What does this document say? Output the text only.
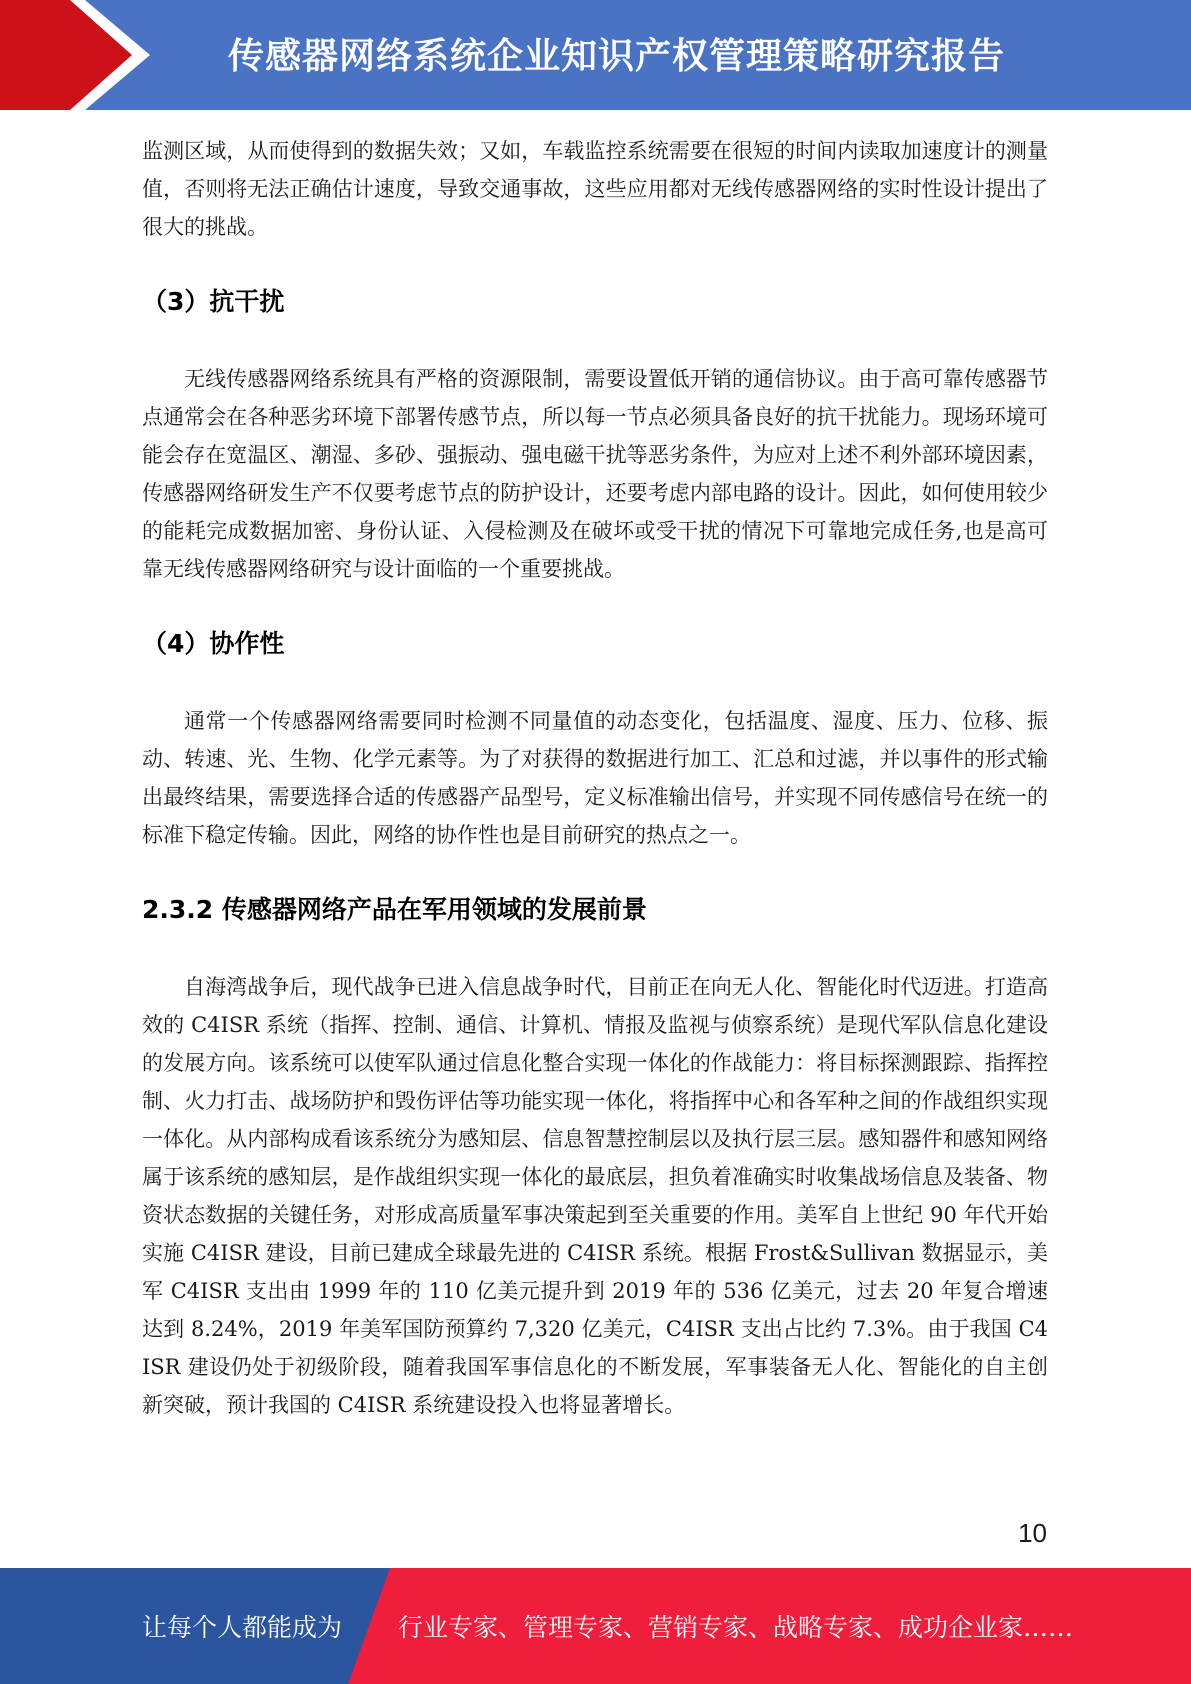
传感器网络系统企业知识产权管理策略研究报告

监测区域，从而使得到的数据失效；又如，车载监控系统需要在很短的时间内读取加速度计的测量值，否则将无法正确估计速度，导致交通事故，这些应用都对无线传感器网络的实时性设计提出了很大的挑战。

（3）抗干扰

无线传感器网络系统具有严格的资源限制，需要设置低开销的通信协议。由于高可靠传感器节点通常会在各种恶劣环境下部署传感节点，所以每一节点必须具备良好的抗干扰能力。现场环境可能会存在宽温区、潮湿、多砂、强振动、强电磁干扰等恶劣条件，为应对上述不利外部环境因素，传感器网络研发生产不仅要考虑节点的防护设计，还要考虑内部电路的设计。因此，如何使用较少的能耗完成数据加密、身份认证、入侵检测及在破坏或受干扰的情况下可靠地完成任务,也是高可靠无线传感器网络研究与设计面临的一个重要挑战。

（4）协作性

通常一个传感器网络需要同时检测不同量值的动态变化，包括温度、湿度、压力、位移、振动、转速、光、生物、化学元素等。为了对获得的数据进行加工、汇总和过滤，并以事件的形式输出最终结果，需要选择合适的传感器产品型号，定义标准输出信号，并实现不同传感信号在统一的标准下稳定传输。因此，网络的协作性也是目前研究的热点之一。

2.3.2 传感器网络产品在军用领域的发展前景

自海湾战争后，现代战争已进入信息战争时代，目前正在向无人化、智能化时代迈进。打造高效的 C4ISR 系统（指挥、控制、通信、计算机、情报及监视与侦察系统）是现代军队信息化建设的发展方向。该系统可以使军队通过信息化整合实现一体化的作战能力：将目标探测跟踪、指挥控制、火力打击、战场防护和毁伤评估等功能实现一体化，将指挥中心和各军种之间的作战组织实现一体化。从内部构成看该系统分为感知层、信息智慧控制层以及执行层三层。感知器件和感知网络属于该系统的感知层，是作战组织实现一体化的最底层，担负着准确实时收集战场信息及装备、物资状态数据的关键任务，对形成高质量军事决策起到至关重要的作用。美军自上世纪 90 年代开始实施 C4ISR 建设，目前已建成全球最先进的 C4ISR 系统。根据 Frost&Sullivan 数据显示，美军 C4ISR 支出由 1999 年的 110 亿美元提升到 2019 年的 536 亿美元，过去 20 年复合增速达到 8.24%，2019 年美军国防预算约 7,320 亿美元，C4ISR 支出占比约 7.3%。由于我国 C4ISR 建设仍处于初级阶段，随着我国军事信息化的不断发展，军事装备无人化、智能化的自主创新突破，预计我国的 C4ISR 系统建设投入也将显著增长。

10
让每个人都能成为 行业专家、管理专家、营销专家、战略专家、成功企业家……
